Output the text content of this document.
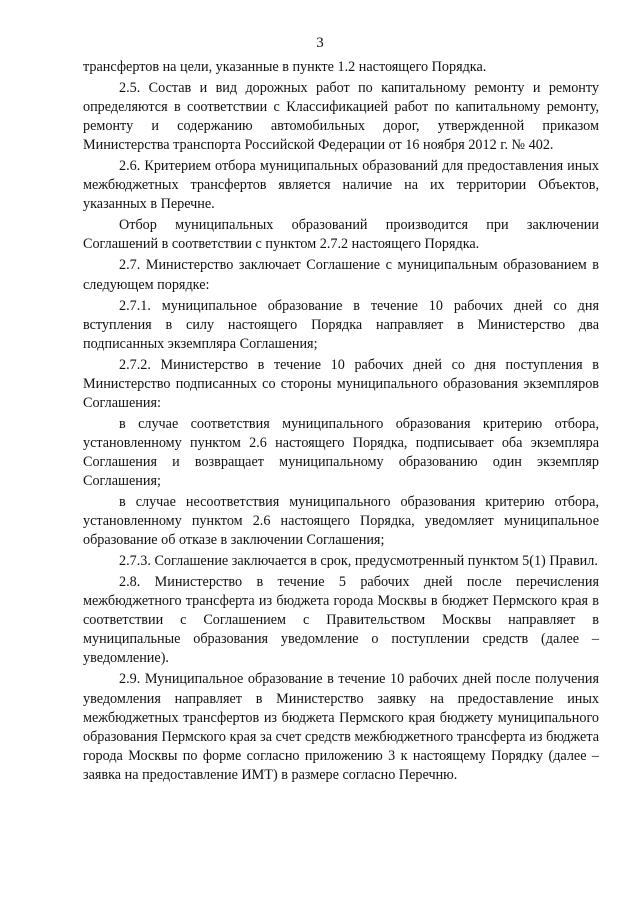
3

трансфертов на цели, указанные в пункте 1.2 настоящего Порядка.

2.5. Состав и вид дорожных работ по капитальному ремонту и ремонту определяются в соответствии с Классификацией работ по капитальному ремонту, ремонту и содержанию автомобильных дорог, утвержденной приказом Министерства транспорта Российской Федерации от 16 ноября 2012 г. № 402.

2.6. Критерием отбора муниципальных образований для предоставления иных межбюджетных трансфертов является наличие на их территории Объектов, указанных в Перечне.

Отбор муниципальных образований производится при заключении Соглашений в соответствии с пунктом 2.7.2 настоящего Порядка.

2.7. Министерство заключает Соглашение с муниципальным образованием в следующем порядке:

2.7.1. муниципальное образование в течение 10 рабочих дней со дня вступления в силу настоящего Порядка направляет в Министерство два подписанных экземпляра Соглашения;

2.7.2. Министерство в течение 10 рабочих дней со дня поступления в Министерство подписанных со стороны муниципального образования экземпляров Соглашения:

в случае соответствия муниципального образования критерию отбора, установленному пунктом 2.6 настоящего Порядка, подписывает оба экземпляра Соглашения и возвращает муниципальному образованию один экземпляр Соглашения;

в случае несоответствия муниципального образования критерию отбора, установленному пунктом 2.6 настоящего Порядка, уведомляет муниципальное образование об отказе в заключении Соглашения;

2.7.3. Соглашение заключается в срок, предусмотренный пунктом 5(1) Правил.

2.8. Министерство в течение 5 рабочих дней после перечисления межбюджетного трансферта из бюджета города Москвы в бюджет Пермского края в соответствии с Соглашением с Правительством Москвы направляет в муниципальные образования уведомление о поступлении средств (далее – уведомление).

2.9. Муниципальное образование в течение 10 рабочих дней после получения уведомления направляет в Министерство заявку на предоставление иных межбюджетных трансфертов из бюджета Пермского края бюджету муниципального образования Пермского края за счет средств межбюджетного трансферта из бюджета города Москвы по форме согласно приложению 3 к настоящему Порядку (далее – заявка на предоставление ИМТ) в размере согласно Перечню.
